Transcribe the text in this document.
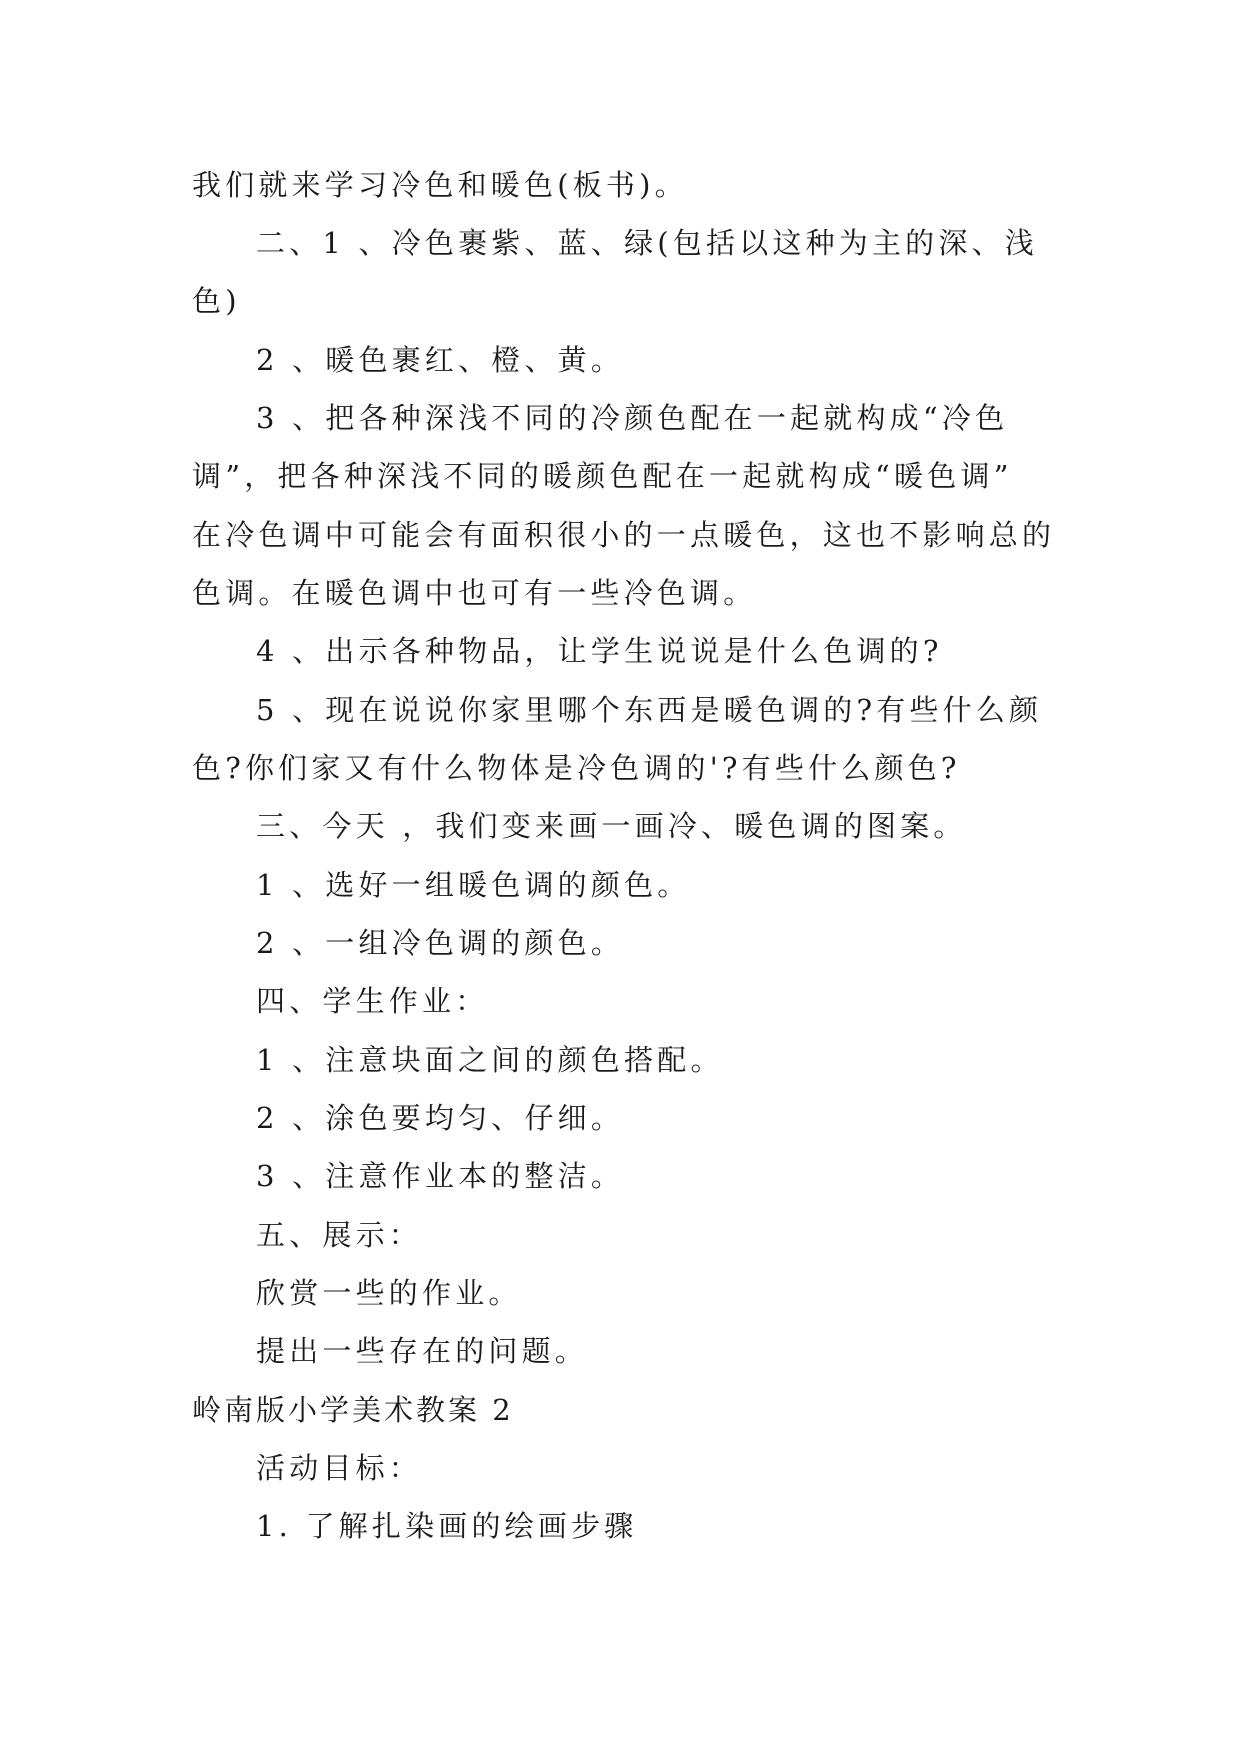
我们就来学习冷色和暖色(板书)。
二、1 、冷色裹紫、蓝、绿(包括以这种为主的深、浅
色)
2 、暖色裹红、橙、黄。
3 、把各种深浅不同的冷颜色配在一起就构成“冷色
调”，把各种深浅不同的暖颜色配在一起就构成“暖色调”
在冷色调中可能会有面积很小的一点暖色，这也不影响总的
色调。在暖色调中也可有一些冷色调。
4 、出示各种物品，让学生说说是什么色调的?
5 、现在说说你家里哪个东西是暖色调的?有些什么颜
色?你们家又有什么物体是冷色调的'?有些什么颜色?
三、今天 ，我们变来画一画冷、暖色调的图案。
1 、选好一组暖色调的颜色。
2 、一组冷色调的颜色。
四、学生作业：
1 、注意块面之间的颜色搭配。
2 、涂色要均匀、仔细。
3 、注意作业本的整洁。
五、展示：
欣赏一些的作业。
提出一些存在的问题。
岭南版小学美术教案 2
活动目标：
1. 了解扎染画的绘画步骤
